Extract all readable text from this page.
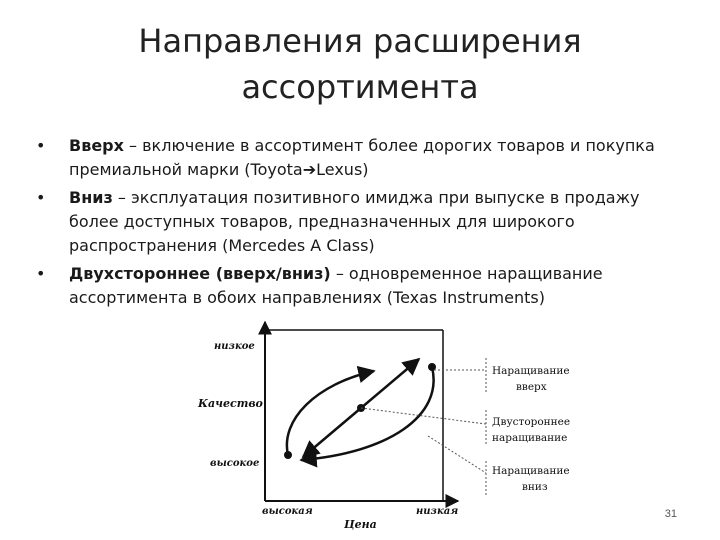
Направления расширения
ассортимента
• Вверх – включение в ассортимент более дорогих товаров и покупка премиальной марки (Toyota➔Lexus)
• Вниз – эксплуатация позитивного имиджа при выпуске в продажу более доступных товаров, предназначенных для широкого распространения (Mercedes A Class)
• Двухстороннее (вверх/вниз) – одновременное наращивание ассортимента в обоих направлениях (Texas Instruments)
Наращивание
вверх
Двустороннее
наращивание
Наращивание
вниз
низкое
Качество
высокое
высокая	низкая
Цена
31
